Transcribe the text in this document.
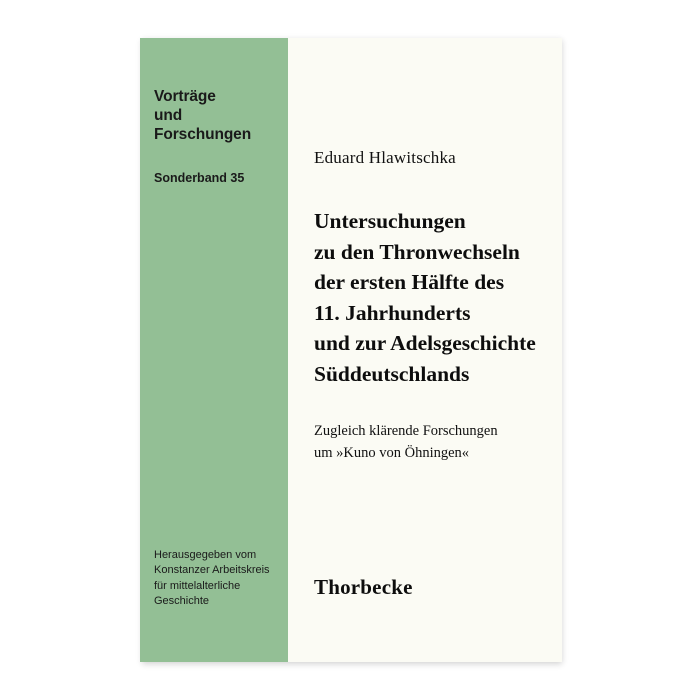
Vorträge
und Forschungen
Sonderband 35
Herausgegeben vom
Konstanzer Arbeitskreis
für mittelalterliche
Geschichte
Eduard Hlawitschka
Untersuchungen
zu den Thronwechseln
der ersten Hälfte des
11. Jahrhunderts
und zur Adelsgeschichte
Süddeutschlands
Zugleich klärende Forschungen
um »Kuno von Öhningen«
Thorbecke
